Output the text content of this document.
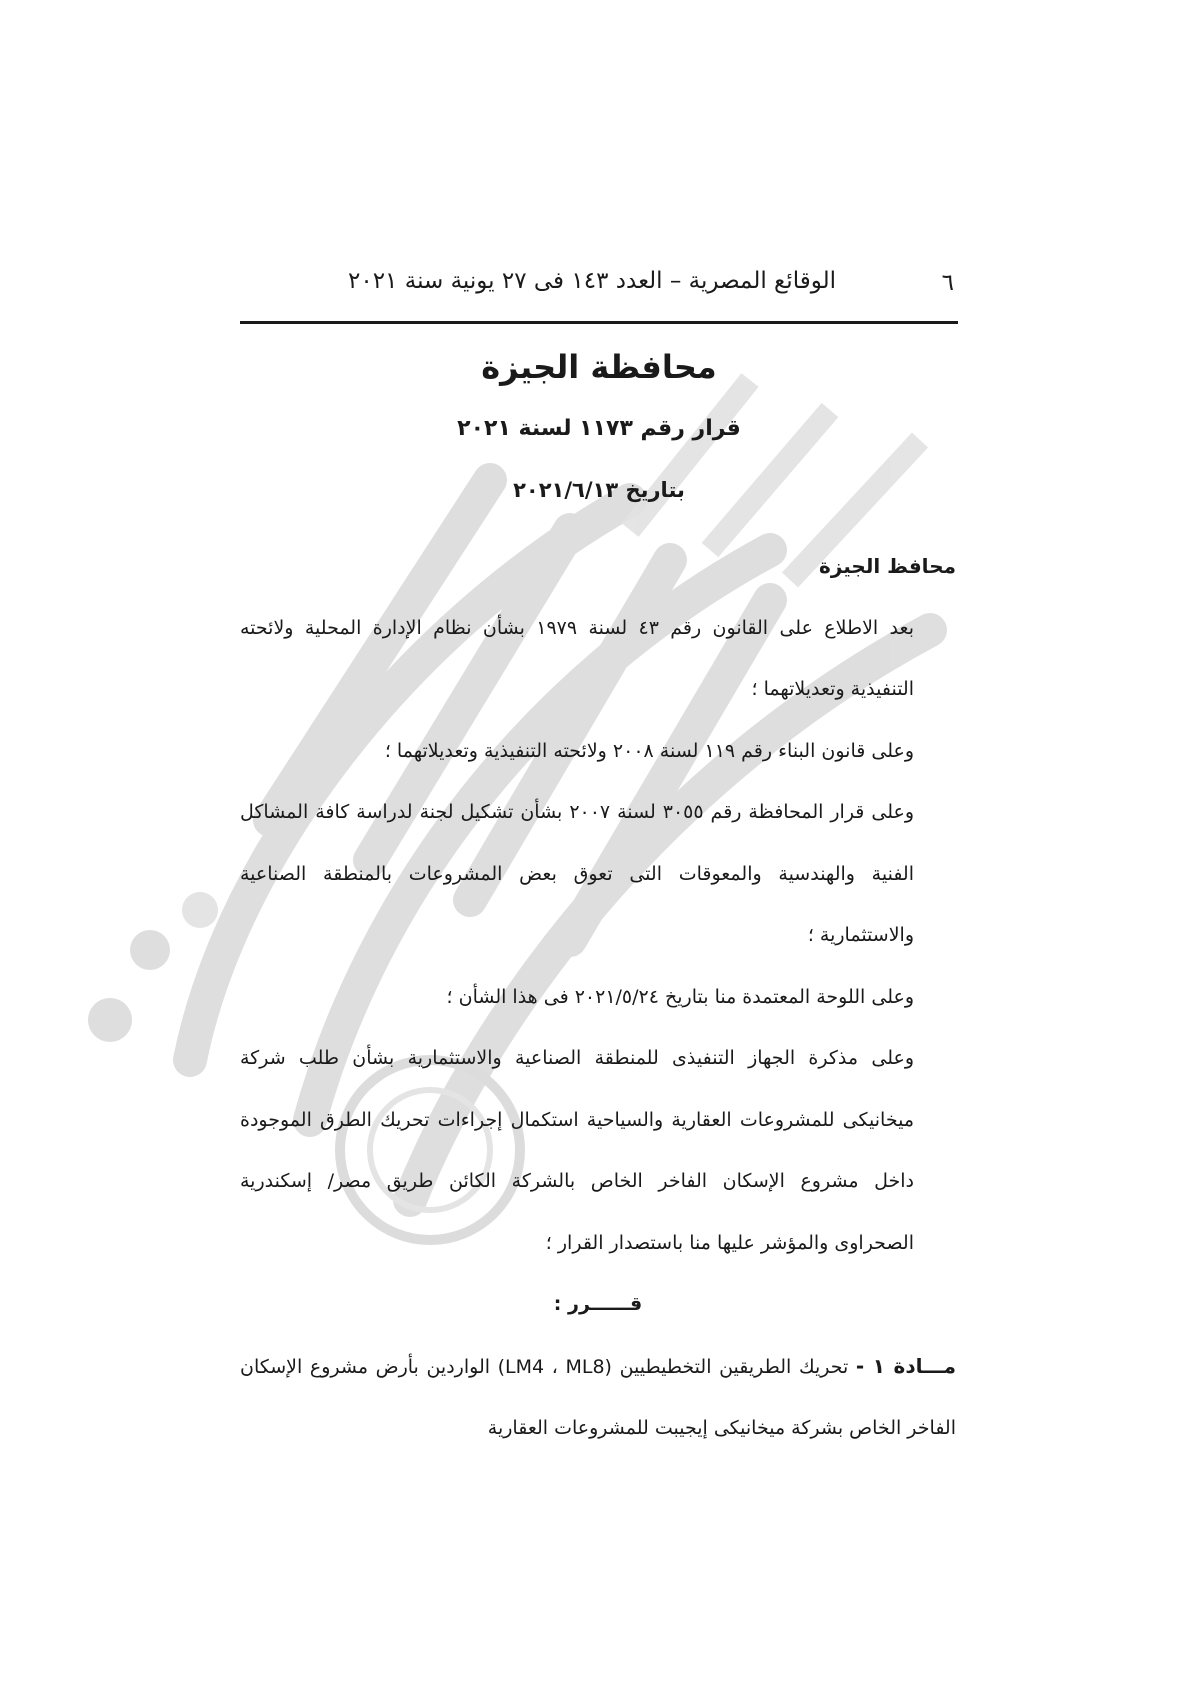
٦
الوقائع المصرية – العدد ١٤٣ فى ٢٧ يونية سنة ٢٠٢١
محافظة الجيزة
قرار رقم ١١٧٣ لسنة ٢٠٢١
بتاريخ ٢٠٢١/٦/١٣

محافظ الجيزة

بعد الاطلاع على القانون رقم ٤٣ لسنة ١٩٧٩ بشأن نظام الإدارة المحلية ولائحته التنفيذية وتعديلاتهما ؛

وعلى قانون البناء رقم ١١٩ لسنة ٢٠٠٨ ولائحته التنفيذية وتعديلاتهما ؛

وعلى قرار المحافظة رقم ٣٠٥٥ لسنة ٢٠٠٧ بشأن تشكيل لجنة لدراسة كافة المشاكل الفنية والهندسية والمعوقات التى تعوق بعض المشروعات بالمنطقة الصناعية والاستثمارية ؛

وعلى اللوحة المعتمدة منا بتاريخ ٢٠٢١/٥/٢٤ فى هذا الشأن ؛

وعلى مذكرة الجهاز التنفيذى للمنطقة الصناعية والاستثمارية بشأن طلب شركة ميخانيكى للمشروعات العقارية والسياحية استكمال إجراءات تحريك الطرق الموجودة داخل مشروع الإسكان الفاخر الخاص بالشركة الكائن طريق مصر/ إسكندرية الصحراوى والمؤشر عليها منا باستصدار القرار ؛

قــــــرر :

مـــادة ١ - تحريك الطريقين التخطيطيين (LM4 ، ML8) الواردين بأرض مشروع الإسكان الفاخر الخاص بشركة ميخانيكى إيجيبت للمشروعات العقارية
